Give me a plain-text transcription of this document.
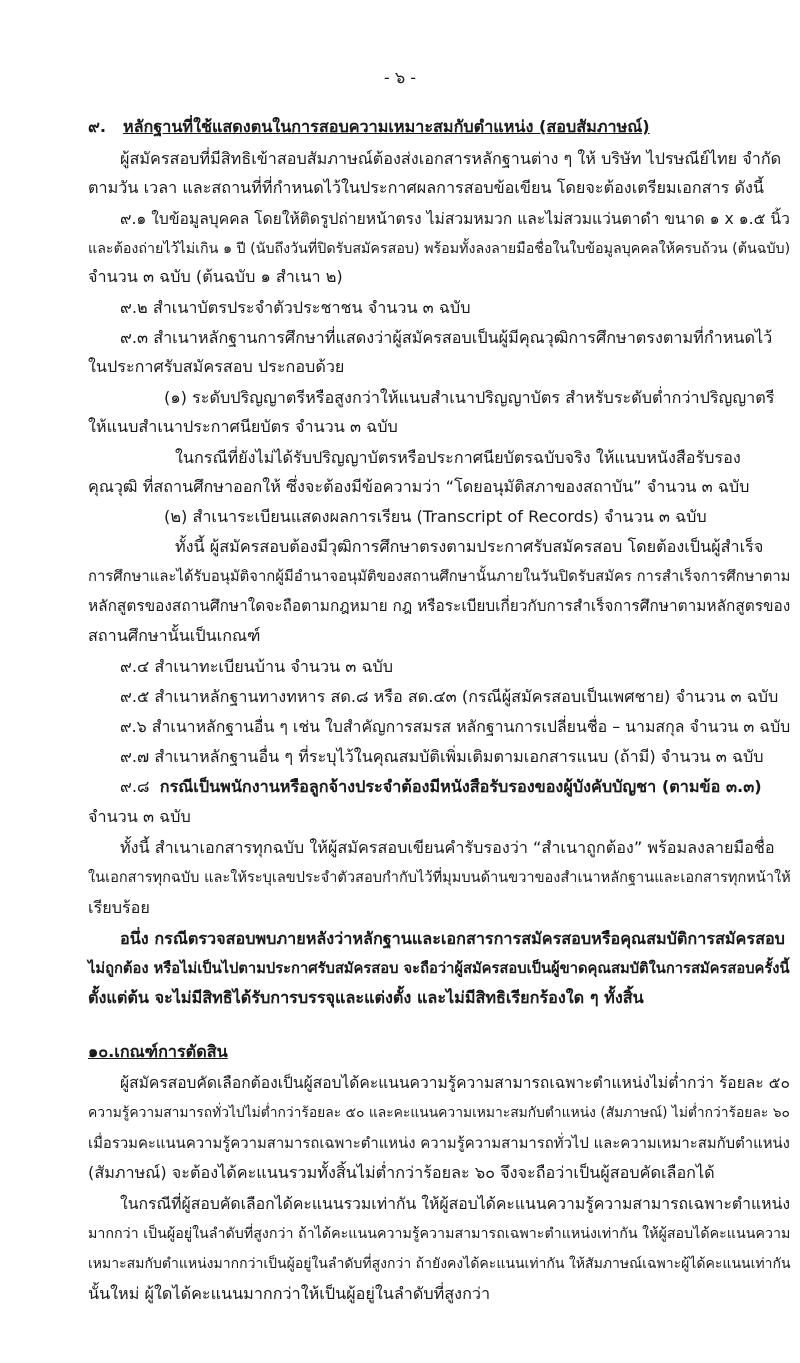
- ๖ -
๙. หลักฐานที่ใช้แสดงตนในการสอบความเหมาะสมกับตำแหน่ง (สอบสัมภาษณ์)
ผู้สมัครสอบที่มีสิทธิเข้าสอบสัมภาษณ์ต้องส่งเอกสารหลักฐานต่าง ๆ ให้ บริษัท ไปรษณีย์ไทย จำกัด
ตามวัน เวลา และสถานที่ที่กำหนดไว้ในประกาศผลการสอบข้อเขียน โดยจะต้องเตรียมเอกสาร ดังนี้
๙.๑ ใบข้อมูลบุคคล โดยให้ติดรูปถ่ายหน้าตรง ไม่สวมหมวก และไม่สวมแว่นตาดำ ขนาด ๑ x ๑.๕ นิ้ว
และต้องถ่ายไว้ไม่เกิน ๑ ปี (นับถึงวันที่ปิดรับสมัครสอบ) พร้อมทั้งลงลายมือชื่อในใบข้อมูลบุคคลให้ครบถ้วน (ต้นฉบับ)
จำนวน ๓ ฉบับ (ต้นฉบับ ๑ สำเนา ๒)
๙.๒ สำเนาบัตรประจำตัวประชาชน จำนวน ๓ ฉบับ
๙.๓ สำเนาหลักฐานการศึกษาที่แสดงว่าผู้สมัครสอบเป็นผู้มีคุณวุฒิการศึกษาตรงตามที่กำหนดไว้
ในประกาศรับสมัครสอบ ประกอบด้วย
(๑) ระดับปริญญาตรีหรือสูงกว่าให้แนบสำเนาปริญญาบัตร สำหรับระดับต่ำกว่าปริญญาตรี
ให้แนบสำเนาประกาศนียบัตร จำนวน ๓ ฉบับ
ในกรณีที่ยังไม่ได้รับปริญญาบัตรหรือประกาศนียบัตรฉบับจริง ให้แนบหนังสือรับรอง
คุณวุฒิ ที่สถานศึกษาออกให้ ซึ่งจะต้องมีข้อความว่า “โดยอนุมัติสภาของสถาบัน” จำนวน ๓ ฉบับ
(๒) สำเนาระเบียนแสดงผลการเรียน (Transcript of Records) จำนวน ๓ ฉบับ
ทั้งนี้ ผู้สมัครสอบต้องมีวุฒิการศึกษาตรงตามประกาศรับสมัครสอบ โดยต้องเป็นผู้สำเร็จ
การศึกษาและได้รับอนุมัติจากผู้มีอำนาจอนุมัติของสถานศึกษานั้นภายในวันปิดรับสมัคร การสำเร็จการศึกษาตาม
หลักสูตรของสถานศึกษาใดจะถือตามกฎหมาย กฎ หรือระเบียบเกี่ยวกับการสำเร็จการศึกษาตามหลักสูตรของ
สถานศึกษานั้นเป็นเกณฑ์
๙.๔ สำเนาทะเบียนบ้าน จำนวน ๓ ฉบับ
๙.๕ สำเนาหลักฐานทางทหาร สด.๘ หรือ สด.๔๓ (กรณีผู้สมัครสอบเป็นเพศชาย) จำนวน ๓ ฉบับ
๙.๖ สำเนาหลักฐานอื่น ๆ เช่น ใบสำคัญการสมรส หลักฐานการเปลี่ยนชื่อ – นามสกุล จำนวน ๓ ฉบับ
๙.๗ สำเนาหลักฐานอื่น ๆ ที่ระบุไว้ในคุณสมบัติเพิ่มเติมตามเอกสารแนบ (ถ้ามี) จำนวน ๓ ฉบับ
๙.๘ กรณีเป็นพนักงานหรือลูกจ้างประจำต้องมีหนังสือรับรองของผู้บังคับบัญชา (ตามข้อ ๓.๓)
จำนวน ๓ ฉบับ
ทั้งนี้ สำเนาเอกสารทุกฉบับ ให้ผู้สมัครสอบเขียนคำรับรองว่า “สำเนาถูกต้อง” พร้อมลงลายมือชื่อ
ในเอกสารทุกฉบับ และให้ระบุเลขประจำตัวสอบกำกับไว้ที่มุมบนด้านขวาของสำเนาหลักฐานและเอกสารทุกหน้าให้
เรียบร้อย
อนึ่ง กรณีตรวจสอบพบภายหลังว่าหลักฐานและเอกสารการสมัครสอบหรือคุณสมบัติการสมัครสอบ
ไม่ถูกต้อง หรือไม่เป็นไปตามประกาศรับสมัครสอบ จะถือว่าผู้สมัครสอบเป็นผู้ขาดคุณสมบัติในการสมัครสอบครั้งนี้
ตั้งแต่ต้น จะไม่มีสิทธิได้รับการบรรจุและแต่งตั้ง และไม่มีสิทธิเรียกร้องใด ๆ ทั้งสิ้น
๑๐.เกณฑ์การตัดสิน
ผู้สมัครสอบคัดเลือกต้องเป็นผู้สอบได้คะแนนความรู้ความสามารถเฉพาะตำแหน่งไม่ต่ำกว่า ร้อยละ ๕๐
ความรู้ความสามารถทั่วไปไม่ต่ำกว่าร้อยละ ๕๐ และคะแนนความเหมาะสมกับตำแหน่ง (สัมภาษณ์) ไม่ต่ำกว่าร้อยละ ๖๐
เมื่อรวมคะแนนความรู้ความสามารถเฉพาะตำแหน่ง ความรู้ความสามารถทั่วไป และความเหมาะสมกับตำแหน่ง
(สัมภาษณ์) จะต้องได้คะแนนรวมทั้งสิ้นไม่ต่ำกว่าร้อยละ ๖๐ จึงจะถือว่าเป็นผู้สอบคัดเลือกได้
ในกรณีที่ผู้สอบคัดเลือกได้คะแนนรวมเท่ากัน ให้ผู้สอบได้คะแนนความรู้ความสามารถเฉพาะตำแหน่ง
มากกว่า เป็นผู้อยู่ในลำดับที่สูงกว่า ถ้าได้คะแนนความรู้ความสามารถเฉพาะตำแหน่งเท่ากัน ให้ผู้สอบได้คะแนนความ
เหมาะสมกับตำแหน่งมากกว่าเป็นผู้อยู่ในลำดับที่สูงกว่า ถ้ายังคงได้คะแนนเท่ากัน ให้สัมภาษณ์เฉพาะผู้ได้คะแนนเท่ากัน
นั้นใหม่ ผู้ใดได้คะแนนมากกว่าให้เป็นผู้อยู่ในลำดับที่สูงกว่า
